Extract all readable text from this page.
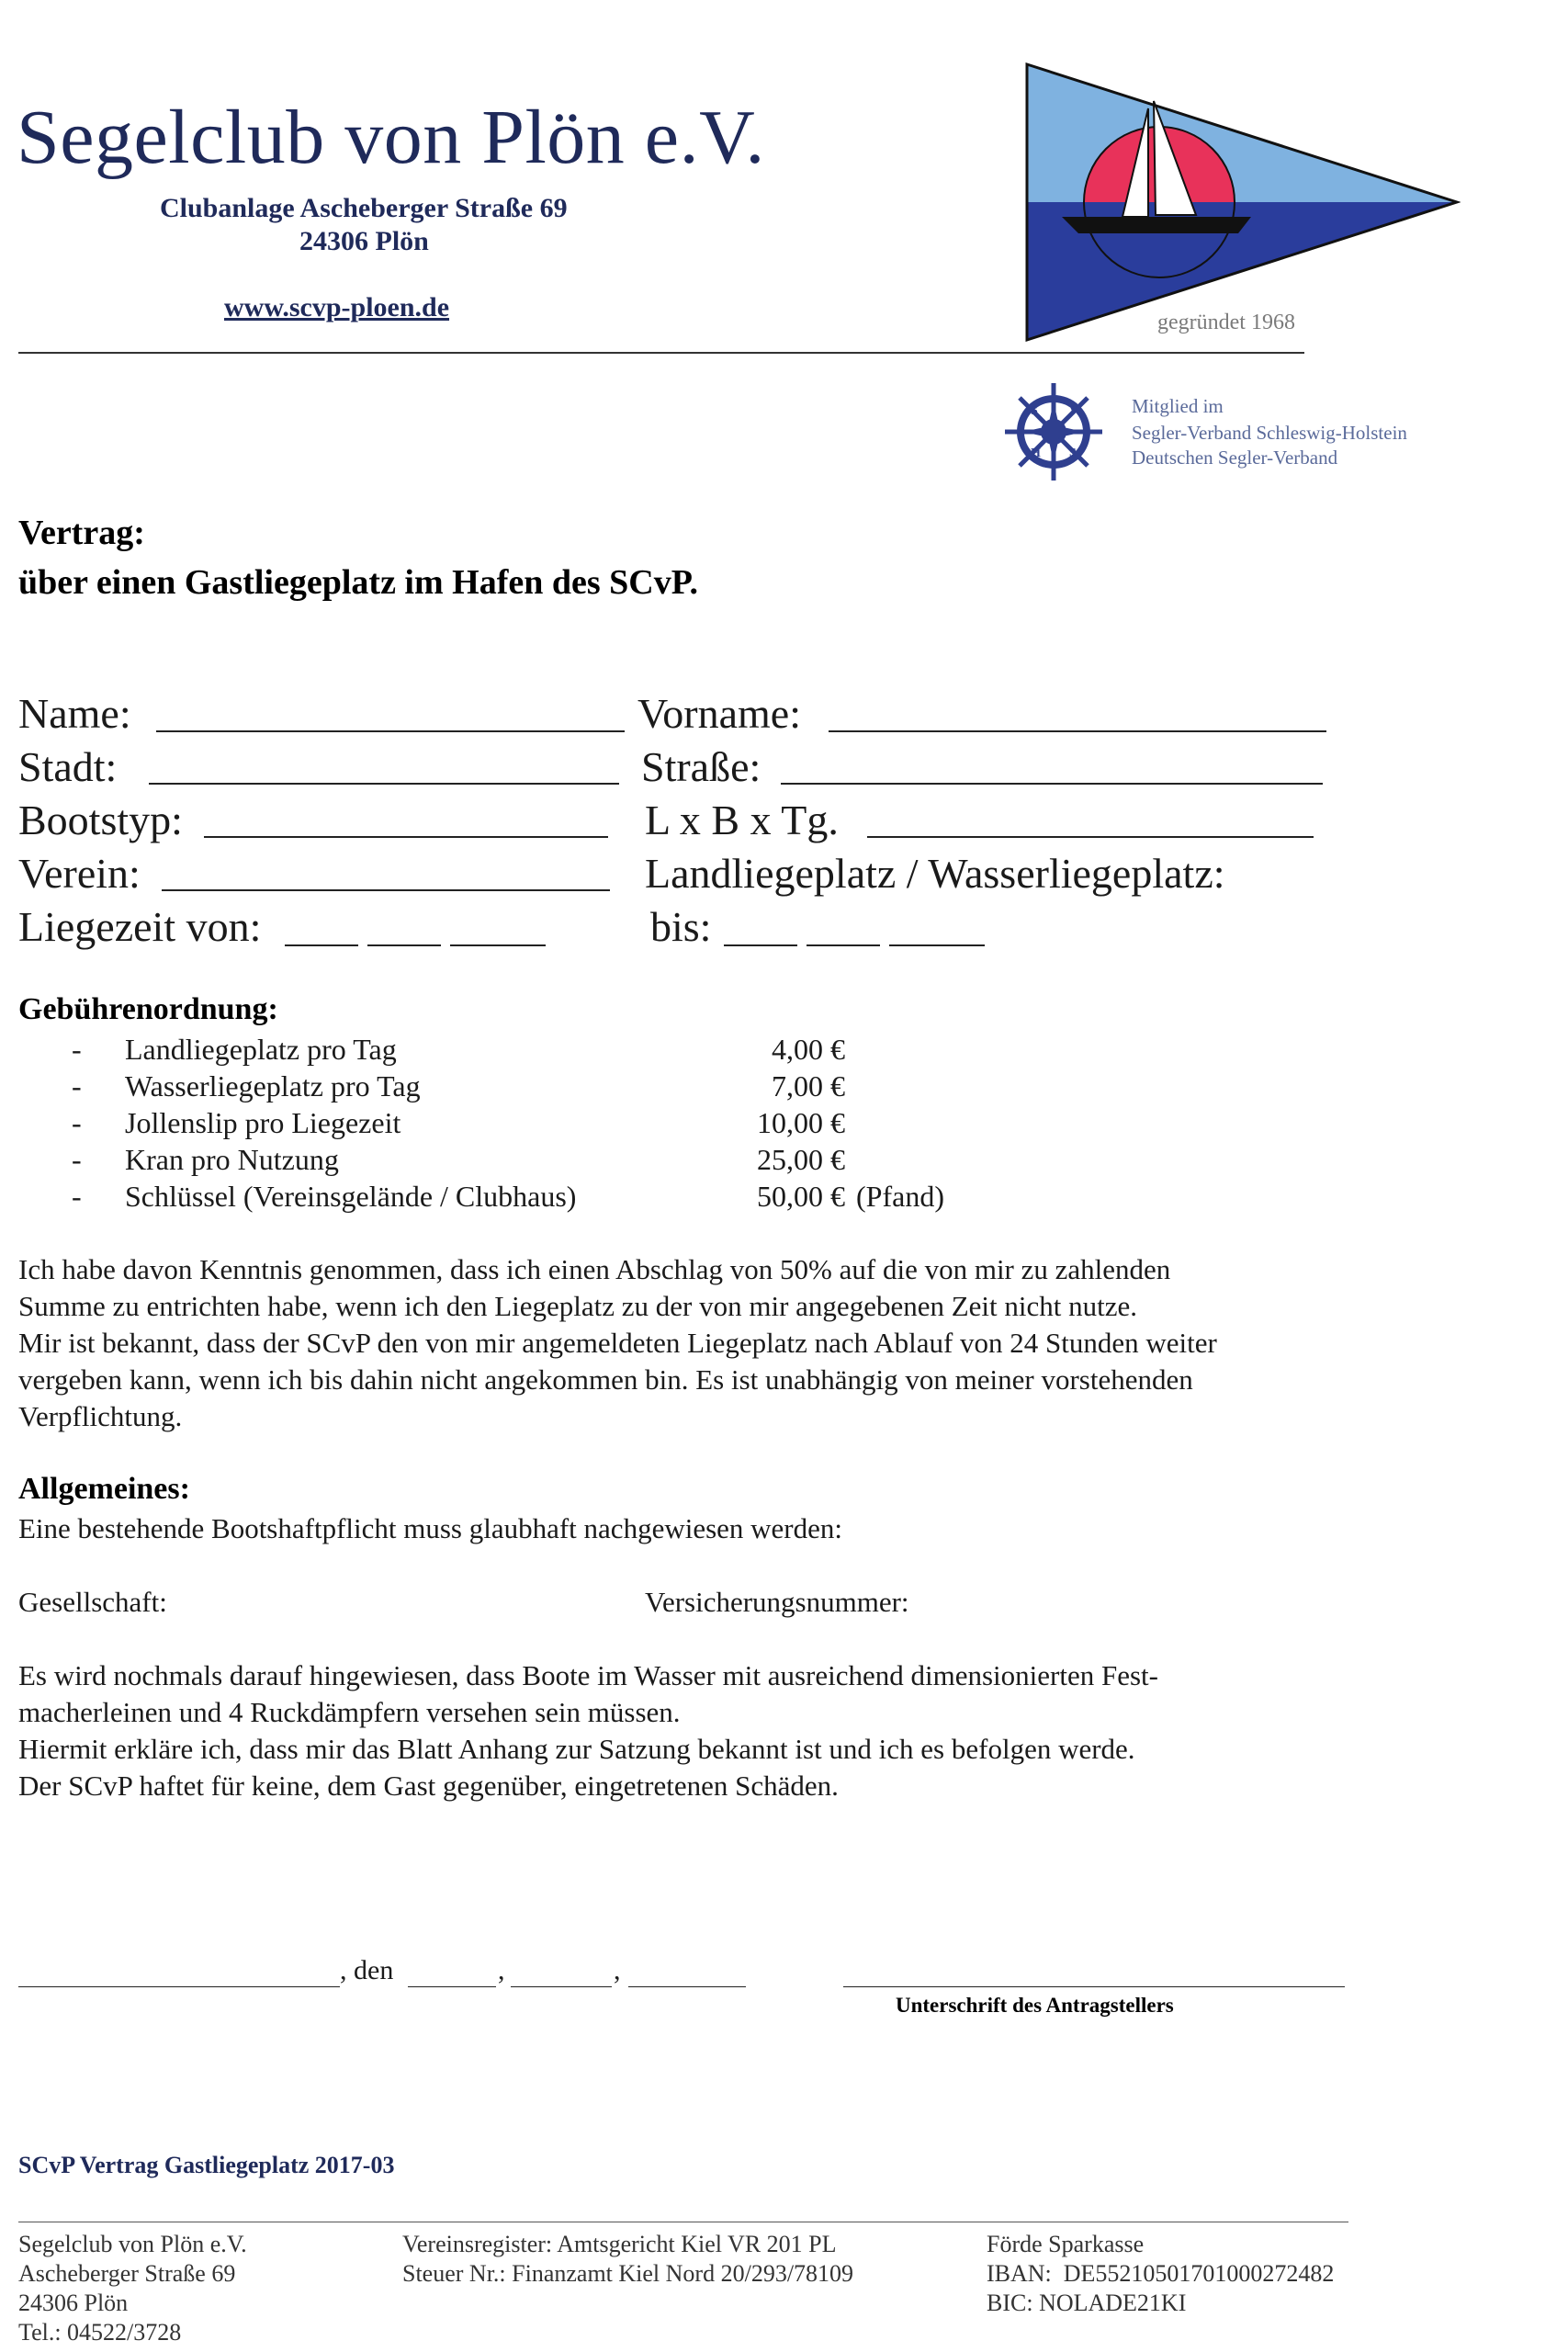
Segelclub von Plön e.V.
Clubanlage Ascheberger Straße 69
24306 Plön
www.scvp-ploen.de	gegründet 1968
S V
S
H
Mitglied im
Segler-Verband Schleswig-Holstein
Deutschen Segler-Verband
Vertrag:
über einen Gastliegeplatz im Hafen des SCvP.
Name:	Vorname:
Stadt:	Straße:
Bootstyp:	L x B x Tg.
Verein:	Landliegeplatz / Wasserliegeplatz:
Liegezeit von:	bis:
Gebührenordnung:
- Landliegeplatz pro Tag	4,00 €
- Wasserliegeplatz pro Tag	7,00 €
- Jollenslip pro Liegezeit	10,00 €
- Kran pro Nutzung	25,00 €
- Schlüssel (Vereinsgelände / Clubhaus)	50,00 € (Pfand)
Ich habe davon Kenntnis genommen, dass ich einen Abschlag von 50% auf die von mir zu zahlenden
Summe zu entrichten habe, wenn ich den Liegeplatz zu der von mir angegebenen Zeit nicht nutze.
Mir ist bekannt, dass der SCvP den von mir angemeldeten Liegeplatz nach Ablauf von 24 Stunden weiter
vergeben kann, wenn ich bis dahin nicht angekommen bin. Es ist unabhängig von meiner vorstehenden
Verpflichtung.
Allgemeines:
Eine bestehende Bootshaftpflicht muss glaubhaft nachgewiesen werden:
Gesellschaft:	Versicherungsnummer:
Es wird nochmals darauf hingewiesen, dass Boote im Wasser mit ausreichend dimensionierten Fest-
macherleinen und 4 Ruckdämpfern versehen sein müssen.
Hiermit erkläre ich, dass mir das Blatt Anhang zur Satzung bekannt ist und ich es befolgen werde.
Der SCvP haftet für keine, dem Gast gegenüber, eingetretenen Schäden.
, den	,	,
Unterschrift des Antragstellers
SCvP Vertrag Gastliegeplatz 2017-03
Segelclub von Plön e.V.
Ascheberger Straße 69
24306 Plön
Tel.: 04522/3728
Vereinsregister: Amtsgericht Kiel VR 201 PL
Steuer Nr.: Finanzamt Kiel Nord 20/293/78109
Förde Sparkasse
IBAN:  DE55210501701000272482
BIC: NOLADE21KI
